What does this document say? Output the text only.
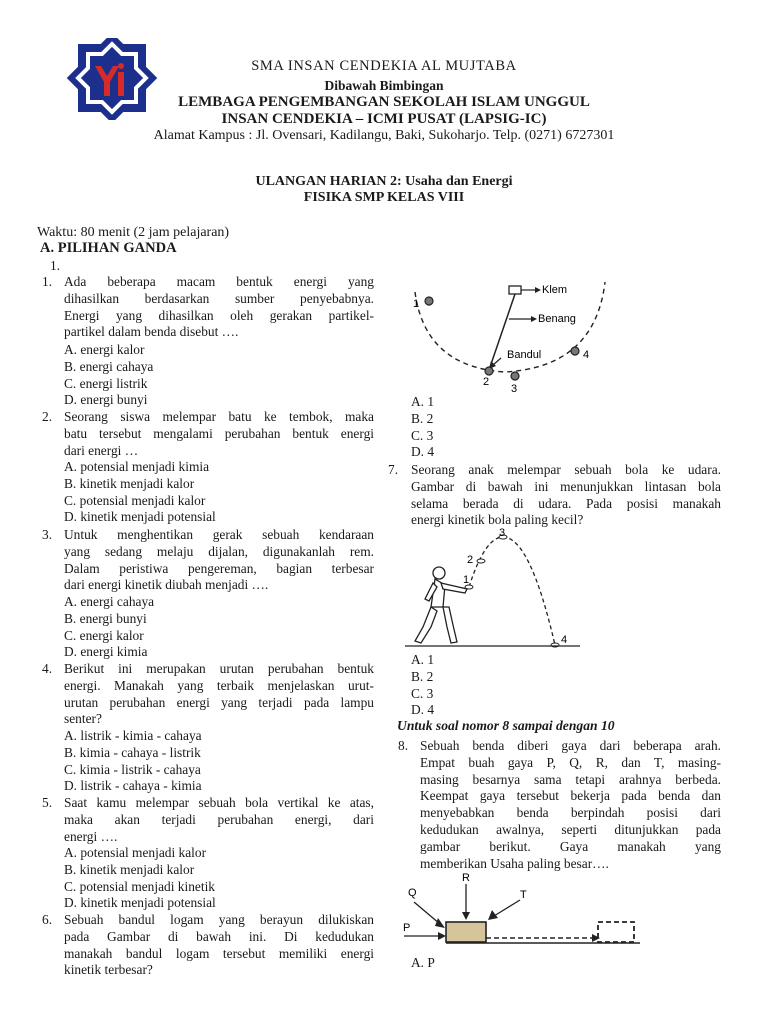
SMA INSAN CENDEKIA AL MUJTABA
Dibawah Bimbingan
LEMBAGA PENGEMBANGAN SEKOLAH ISLAM UNGGUL
INSAN CENDEKIA – ICMI PUSAT (LAPSIG-IC)
Alamat Kampus : Jl. Ovensari, Kadilangu, Baki, Sukoharjo. Telp. (0271) 6727301
ULANGAN HARIAN 2: Usaha dan Energi
FISIKA SMP KELAS VIII
Waktu: 80 menit (2 jam pelajaran)
A. PILIHAN GANDA
1.
1. Ada beberapa macam bentuk energi yang
dihasilkan berdasarkan sumber penyebabnya.
Energi yang dihasilkan oleh gerakan partikel-
partikel dalam benda disebut ….
A. energi kalor
B. energi cahaya
C. energi listrik
D. energi bunyi
2. Seorang siswa melempar batu ke tembok, maka
batu tersebut mengalami perubahan bentuk energi
dari energi …
A. potensial menjadi kimia
B. kinetik menjadi kalor
C. potensial menjadi kalor
D. kinetik menjadi potensial
3. Untuk menghentikan gerak sebuah kendaraan
yang sedang melaju dijalan, digunakanlah rem.
Dalam peristiwa pengereman, bagian terbesar
dari energi kinetik diubah menjadi ….
A. energi cahaya
B. energi bunyi
C. energi kalor
D. energi kimia
4. Berikut ini merupakan urutan perubahan bentuk
energi. Manakah yang terbaik menjelaskan urut-
urutan perubahan energi yang terjadi pada lampu
senter?
A. listrik - kimia - cahaya
B. kimia - cahaya - listrik
C. kimia - listrik - cahaya
D. listrik - cahaya - kimia
5. Saat kamu melempar sebuah bola vertikal ke atas,
maka akan terjadi perubahan energi, dari
energi ….
A. potensial menjadi kalor
B. kinetik menjadi kalor
C. potensial menjadi kinetik
D. kinetik menjadi potensial
6. Sebuah bandul logam yang berayun dilukiskan
pada Gambar di bawah ini. Di kedudukan
manakah bandul logam tersebut memiliki energi
kinetik terbesar?
Klem
Benang
Bandul
1
2
3
4
A. 1
B. 2
C. 3
D. 4
7. Seorang anak melempar sebuah bola ke udara.
Gambar di bawah ini menunjukkan lintasan bola
selama berada di udara. Pada posisi manakah
energi kinetik bola paling kecil?
1
2
3
4
A. 1
B. 2
C. 3
D. 4
Untuk soal nomor 8 sampai dengan 10
8. Sebuah benda diberi gaya dari beberapa arah.
Empat buah gaya P, Q, R, dan T, masing-
masing besarnya sama tetapi arahnya berbeda.
Keempat gaya tersebut bekerja pada benda dan
menyebabkan benda berpindah posisi dari
kedudukan awalnya, seperti ditunjukkan pada
gambar berikut. Gaya manakah yang
memberikan Usaha paling besar….
Q
R
T
P
A. P
